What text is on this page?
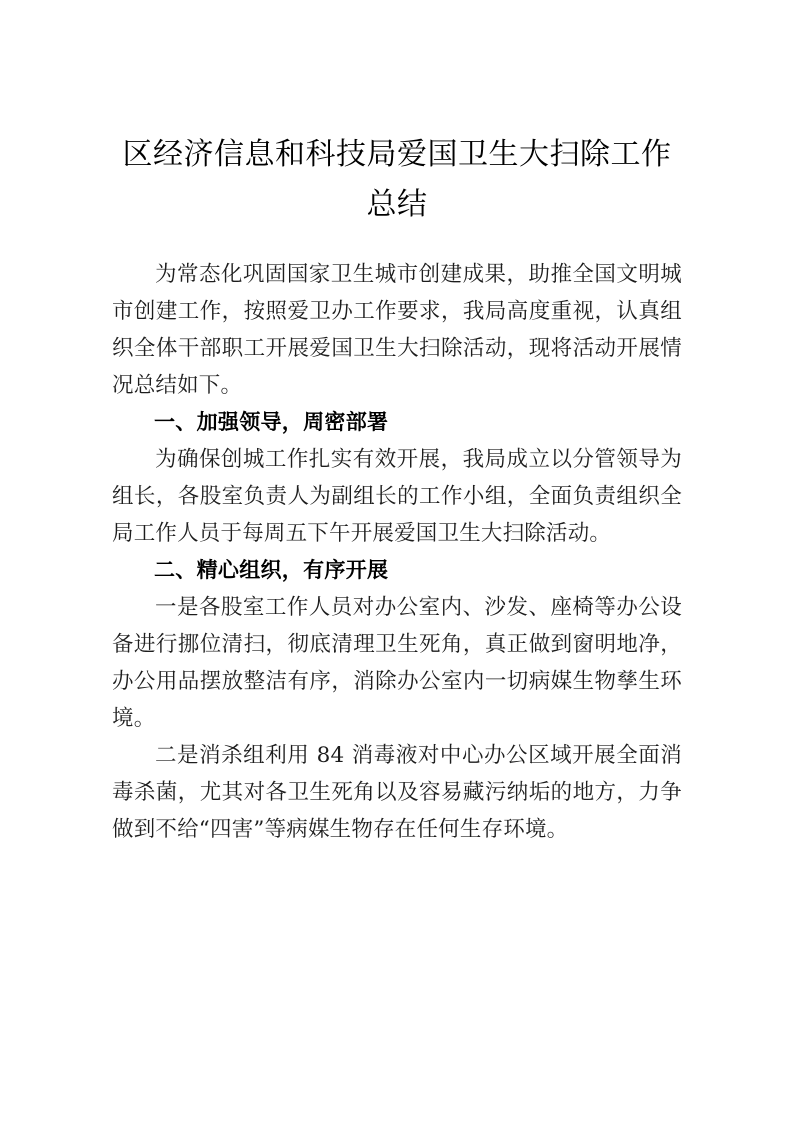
区经济信息和科技局爱国卫生大扫除工作总结

为常态化巩固国家卫生城市创建成果，助推全国文明城市创建工作，按照爱卫办工作要求，我局高度重视，认真组织全体干部职工开展爱国卫生大扫除活动，现将活动开展情况总结如下。

一、加强领导，周密部署

为确保创城工作扎实有效开展，我局成立以分管领导为组长，各股室负责人为副组长的工作小组，全面负责组织全局工作人员于每周五下午开展爱国卫生大扫除活动。

二、精心组织，有序开展

一是各股室工作人员对办公室内、沙发、座椅等办公设备进行挪位清扫，彻底清理卫生死角，真正做到窗明地净，办公用品摆放整洁有序，消除办公室内一切病媒生物孳生环境。

二是消杀组利用 84 消毒液对中心办公区域开展全面消毒杀菌，尤其对各卫生死角以及容易藏污纳垢的地方，力争做到不给“四害”等病媒生物存在任何生存环境。
